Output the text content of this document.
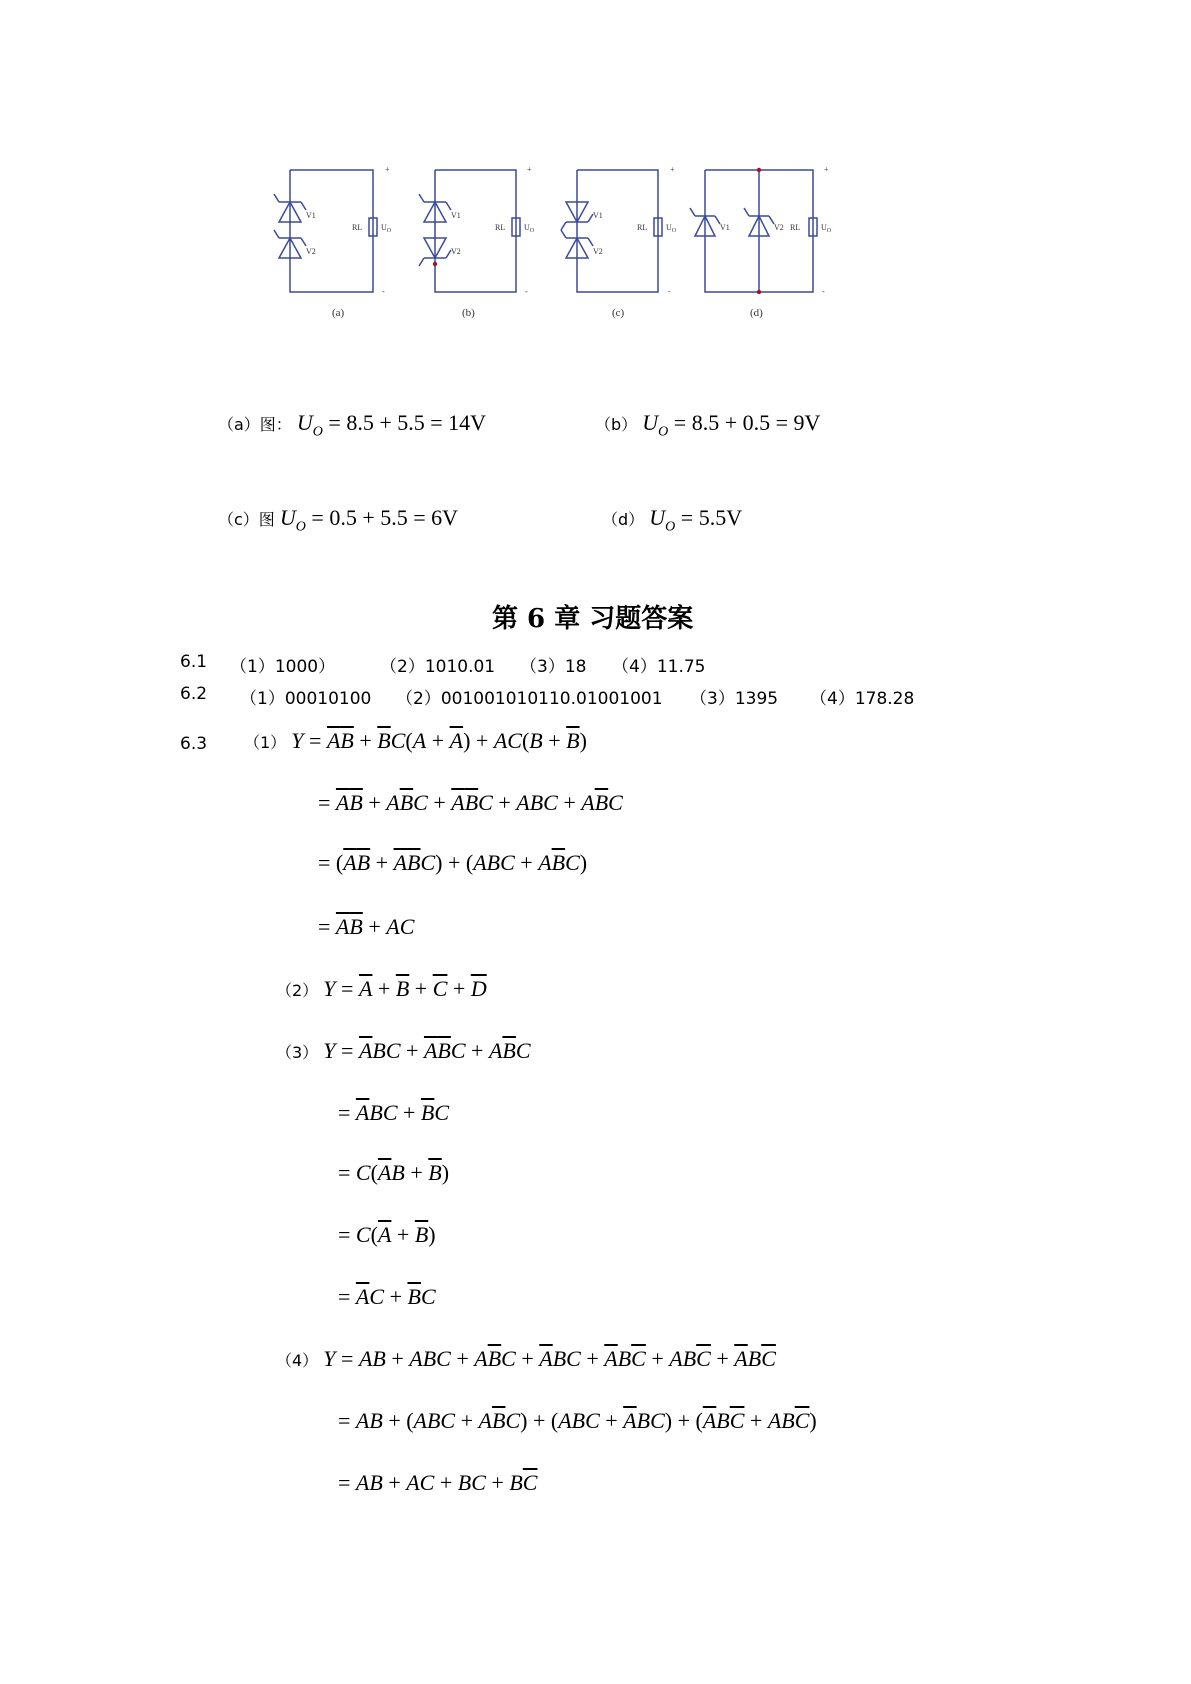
V1
V2
RL $U_O$
+
-
(a)
V1
V2
RL $U_O$
+
-
(b)
V1
V2
RL $U_O$
+
-
(c)
V1	V2 RL	$U_O$
+
-
(d)
（a）图： $U_O = 8.5 + 5.5 = 14V$	（b） $U_O = 8.5 + 0.5 = 9V$
（c）图 $U_O = 0.5 + 5.5 = 6V$	（d） $U_O = 5.5V$
第 6 章 习题答案
6.1 （1）1000）	（2）1010.01 （3）18 （4）11.75
6.2 （1）00010100 （2）001001010110.01001001 （3）1395 （4）178.28
6.3 （1） $Y = \overline{A}\overline{B} + \overline{B}C(A + \overline{A}) + AC(B + \overline{B})$
= $\overline{A}\overline{B} + A\overline{B}C + \overline{A}\overline{B}C$ + ABC + $A\overline{B}C$
= $(\overline{A}\overline{B} + \overline{A}\overline{B}C) + (ABC + A\overline{B}C)$
= $\overline{A}\overline{B}$ + AC
（2） $Y = \overline{A} + \overline{B} + \overline{C} + \overline{D}$
（3） $Y = \overline{A}BC + \overline{A}\overline{B}C + A\overline{B}C$
= $\overline{A}BC + \overline{B}C$
= $C(\overline{A}B + \overline{B})$
= $C(\overline{A} + \overline{B})$
= $\overline{A}C + \overline{B}C$
（4） Y = AB + ABC + $A\overline{B}C + \overline{A}BC + \overline{A}B\overline{C} + AB\overline{C} + \overline{A}B\overline{C}$
= AB + $(ABC + A\overline{B}C) + (ABC + \overline{A}BC) + (\overline{A}B\overline{C} + AB\overline{C})$
= AB + AC + BC + $B\overline{C}$
